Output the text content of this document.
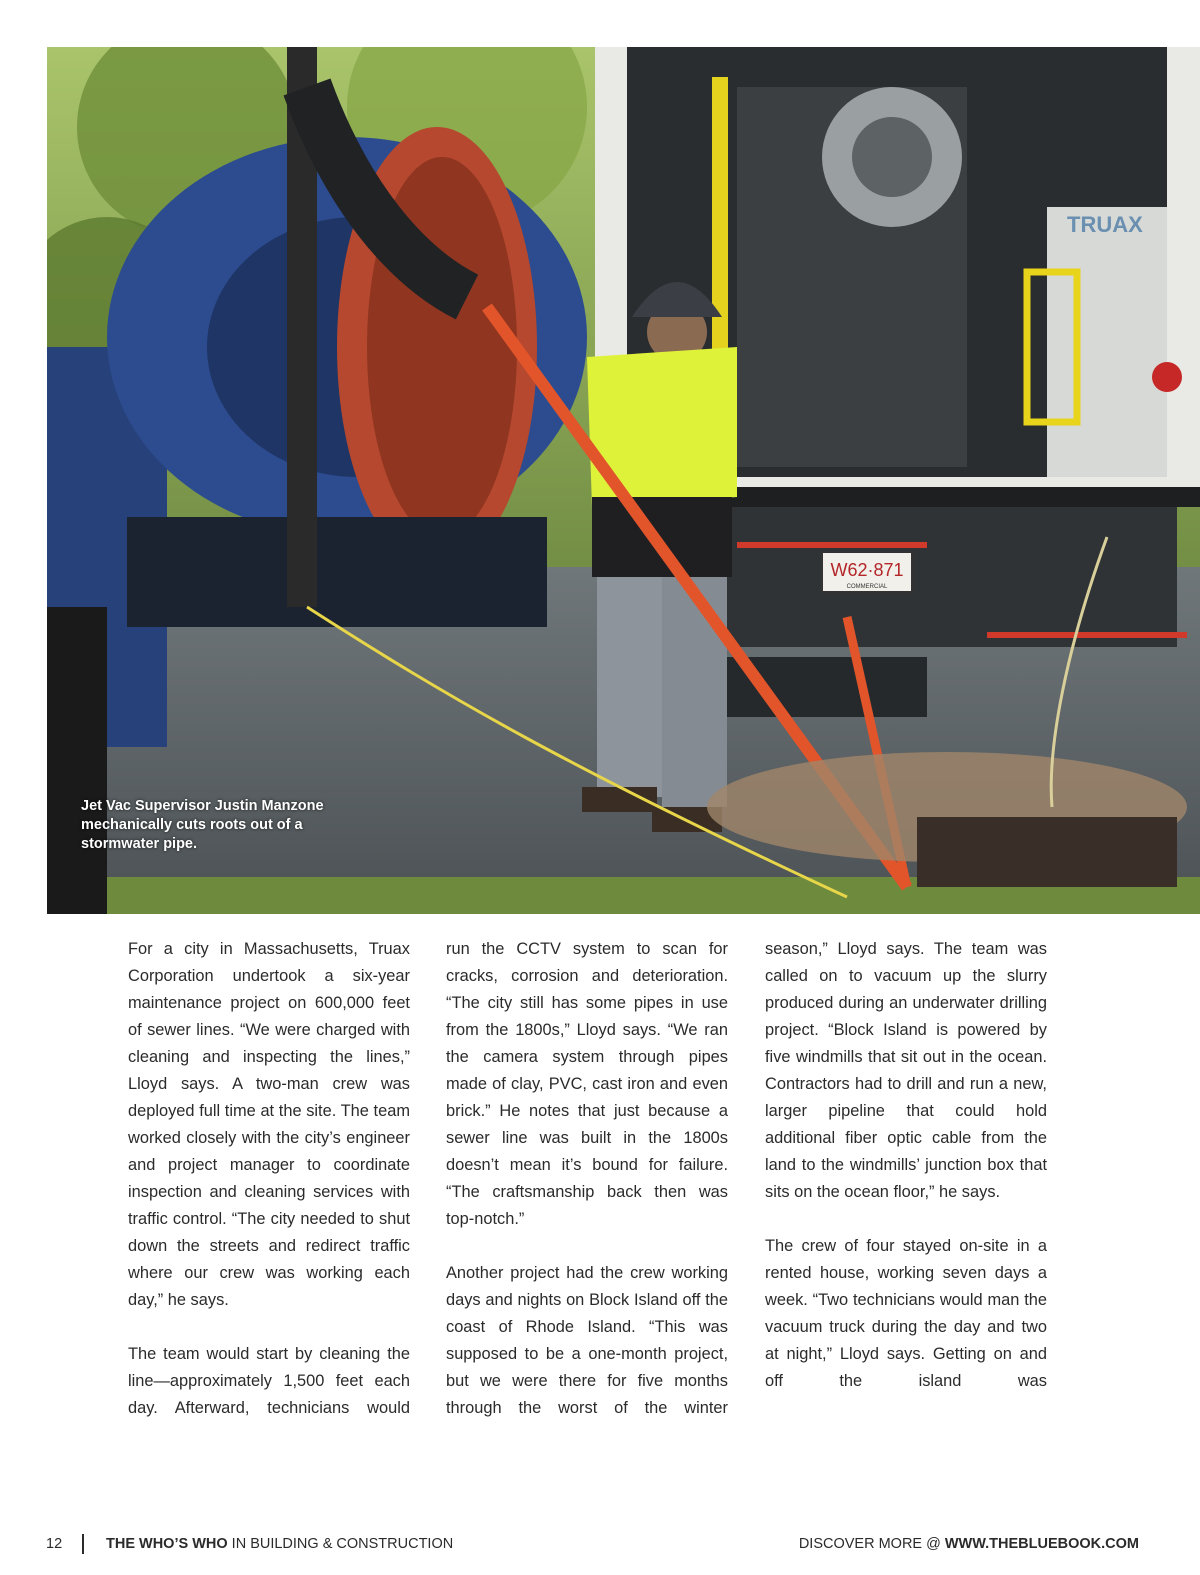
TRUAX
W62·871
COMMERCIAL
Jet Vac Supervisor Justin Manzone mechanically cuts roots out of a stormwater pipe.

For a city in Massachusetts, Truax Corporation undertook a six-year maintenance project on 600,000 feet of sewer lines. “We were charged with cleaning and inspecting the lines,” Lloyd says. A two-man crew was deployed full time at the site. The team worked closely with the city’s engineer and project manager to coordinate inspection and cleaning services with traffic control. “The city needed to shut down the streets and redirect traffic where our crew was working each day,” he says.

The team would start by cleaning the line—approximately 1,500 feet each day. Afterward, technicians would

run the CCTV system to scan for cracks, corrosion and deterioration. “The city still has some pipes in use from the 1800s,” Lloyd says. “We ran the camera system through pipes made of clay, PVC, cast iron and even brick.” He notes that just because a sewer line was built in the 1800s doesn’t mean it’s bound for failure. “The craftsmanship back then was top-notch.”

Another project had the crew working days and nights on Block Island off the coast of Rhode Island. “This was supposed to be a one-month project, but we were there for five months through the worst of the winter

season,” Lloyd says. The team was called on to vacuum up the slurry produced during an underwater drilling project. “Block Island is powered by five windmills that sit out in the ocean. Contractors had to drill and run a new, larger pipeline that could hold additional fiber optic cable from the land to the windmills’ junction box that sits on the ocean floor,” he says.

The crew of four stayed on-site in a rented house, working seven days a week. “Two technicians would man the vacuum truck during the day and two at night,” Lloyd says. Getting on and off the island was

12	THE WHO’S WHO IN BUILDING & CONSTRUCTION	DISCOVER MORE @ WWW.THEBLUEBOOK.COM
